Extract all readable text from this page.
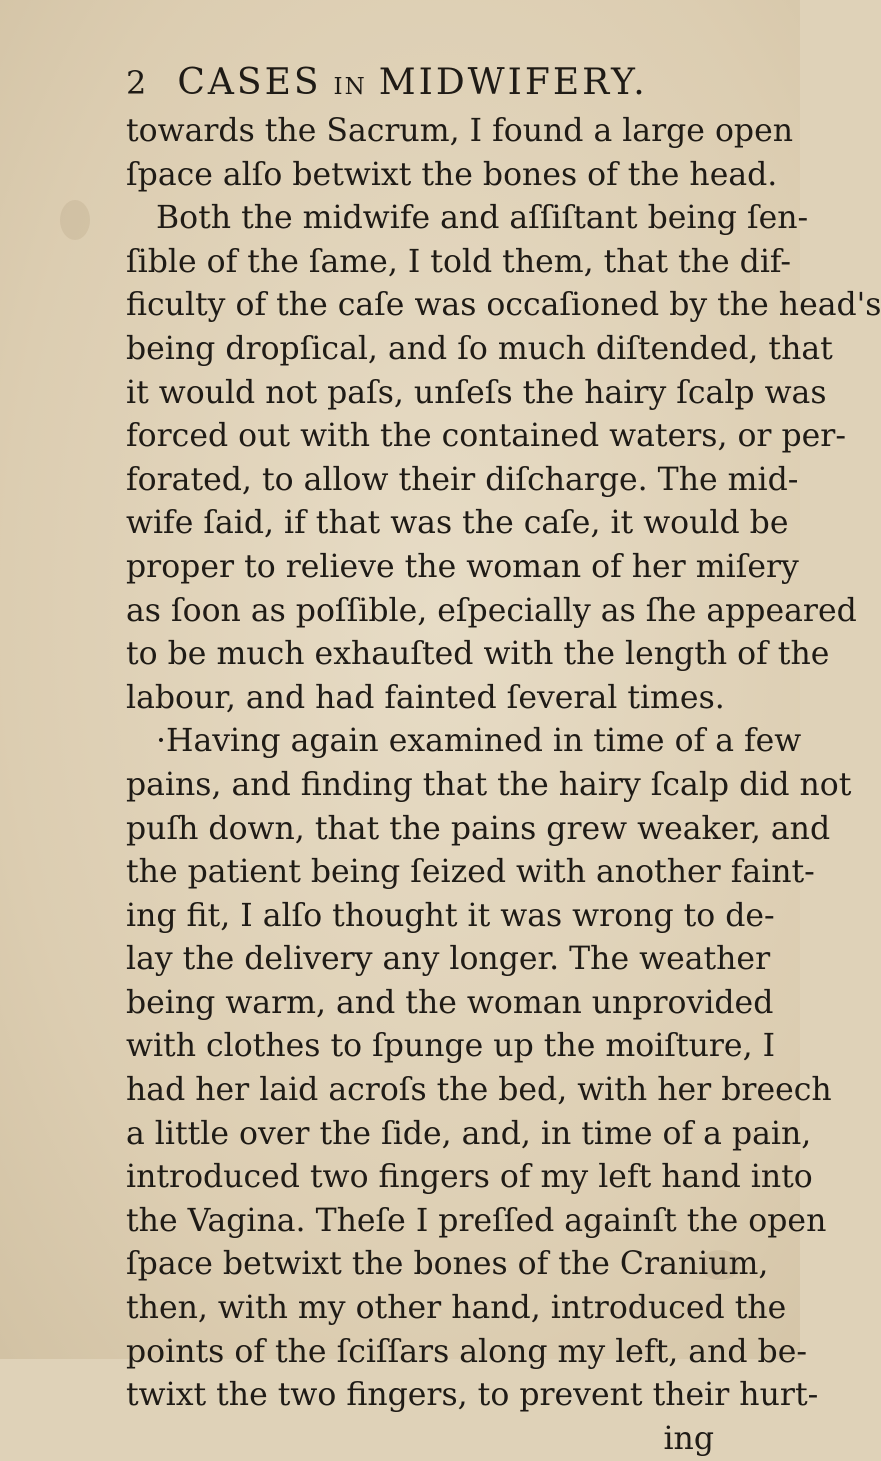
2 CASES IN MIDWIFERY.
towards the Sacrum, I found a large open
ſpace alſo betwixt the bones of the head.
Both the midwife and aſſiſtant being ſen-
ſible of the ſame, I told them, that the dif-
ficulty of the caſe was occaſioned by the head's
being dropſical, and ſo much diſtended, that
it would not paſs, unſeſs the hairy ſcalp was
forced out with the contained waters, or per-
forated, to allow their diſcharge. The mid-
wife ſaid, if that was the caſe, it would be
proper to relieve the woman of her miſery
as ſoon as poſſible, eſpecially as ſhe appeared
to be much exhauſted with the length of the
labour, and had fainted ſeveral times.
·Having again examined in time of a few
pains, and finding that the hairy ſcalp did not
puſh down, that the pains grew weaker, and
the patient being ſeized with another faint-
ing fit, I alſo thought it was wrong to de-
lay the delivery any longer. The weather
being warm, and the woman unprovided
with clothes to ſpunge up the moiſture, I
had her laid acroſs the bed, with her breech
a little over the ſide, and, in time of a pain,
introduced two fingers of my left hand into
the Vagina. Theſe I preſſed againſt the open
ſpace betwixt the bones of the Cranium,
then, with my other hand, introduced the
points of the ſciſſars along my left, and be-
twixt the two fingers, to prevent their hurt-
ing
